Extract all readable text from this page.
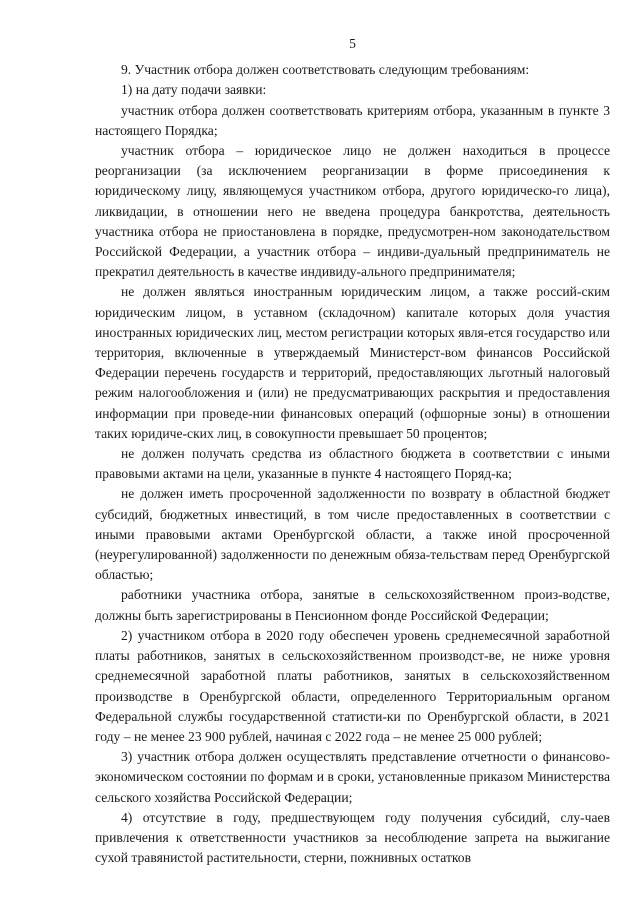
5

9. Участник отбора должен соответствовать следующим требованиям:

1) на дату подачи заявки:

участник отбора должен соответствовать критериям отбора, указанным в пункте 3 настоящего Порядка;

участник отбора – юридическое лицо не должен находиться в процессе реорганизации (за исключением реорганизации в форме присоединения к юридическому лицу, являющемуся участником отбора, другого юридическо-го лица), ликвидации, в отношении него не введена процедура банкротства, деятельность участника отбора не приостановлена в порядке, предусмотрен-ном законодательством Российской Федерации, а участник отбора – индиви-дуальный предприниматель не прекратил деятельность в качестве индивиду-ального предпринимателя;

не должен являться иностранным юридическим лицом, а также россий-ским юридическим лицом, в уставном (складочном) капитале которых доля участия иностранных юридических лиц, местом регистрации которых явля-ется государство или территория, включенные в утверждаемый Министерст-вом финансов Российской Федерации перечень государств и территорий, предоставляющих льготный налоговый режим налогообложения и (или) не предусматривающих раскрытия и предоставления информации при проведе-нии финансовых операций (офшорные зоны) в отношении таких юридиче-ских лиц, в совокупности превышает 50 процентов;

не должен получать средства из областного бюджета в соответствии с иными правовыми актами на цели, указанные в пункте 4 настоящего Поряд-ка;

не должен иметь просроченной задолженности по возврату в областной бюджет субсидий, бюджетных инвестиций, в том числе предоставленных в соответствии с иными правовыми актами Оренбургской области, а также иной просроченной (неурегулированной) задолженности по денежным обяза-тельствам перед Оренбургской областью;

работники участника отбора, занятые в сельскохозяйственном произ-водстве, должны быть зарегистрированы в Пенсионном фонде Российской Федерации;

2) участником отбора в 2020 году обеспечен уровень среднемесячной заработной платы работников, занятых в сельскохозяйственном производст-ве, не ниже уровня среднемесячной заработной платы работников, занятых в сельскохозяйственном производстве в Оренбургской области, определенного Территориальным органом Федеральной службы государственной статисти-ки по Оренбургской области, в 2021 году – не менее 23 900 рублей, начиная с 2022 года – не менее 25 000 рублей;

3) участник отбора должен осуществлять представление отчетности о финансово-экономическом состоянии по формам и в сроки, установленные приказом Министерства сельского хозяйства Российской Федерации;

4) отсутствие в году, предшествующем году получения субсидий, слу-чаев привлечения к ответственности участников за несоблюдение запрета на выжигание сухой травянистой растительности, стерни, пожнивных остатков
